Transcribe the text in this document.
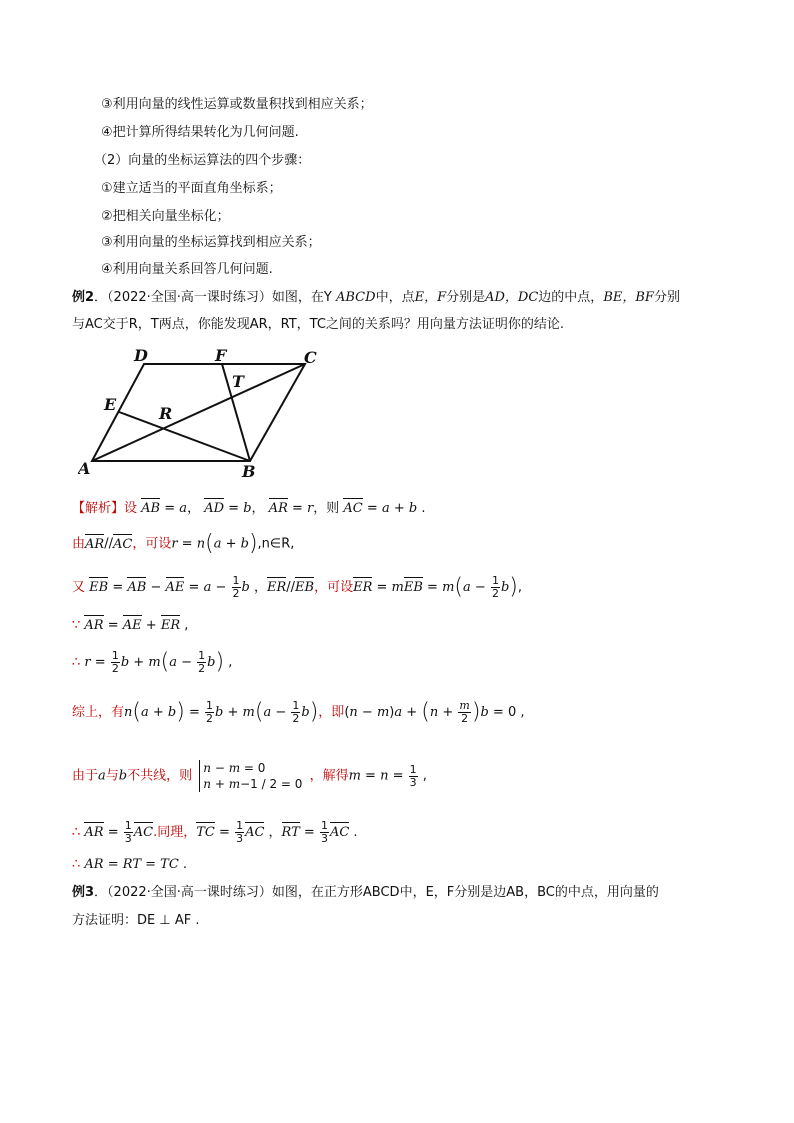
③利用向量的线性运算或数量积找到相应关系；
④把计算所得结果转化为几何问题.
（2）向量的坐标运算法的四个步骤：
①建立适当的平面直角坐标系；
②把相关向量坐标化；
③利用向量的坐标运算找到相应关系；
④利用向量关系回答几何问题.
例2．（2022·全国·高一课时练习）如图，在Y ABCD中，点E，F分别是AD，DC边的中点，BE，BF分别
与AC交于R，T两点，你能发现AR，RT，TC之间的关系吗？用向量方法证明你的结论.
A	B
C
D
E
F
R
T
【解析】设 AB = a， AD = b， AR = r，则 AC = a + b .
由AR//AC，可设r = n(a + b),n∈R,
又 EB = AB − AE = $a - \frac{1}{2}$ b ，ER//EB，可设ER = mEB = $m(a - \frac{1}{2} b)$,
∵ AR = AE + ER ,
∴ $r = \frac{1}{2}$ $b + m(a - \frac{1}{2} b)$ ,
综上，有$n(a + b) = \frac{1}{2}$ $b + m(a - \frac{1}{2} b)$，即$(n - m)a + (n + \frac{m}{2} )b = 0$ ,
由于a与b不共线，则
n − m = 0
n + m−1 / 2 = 0
，解得$m = n = \frac{1}{3}$ ,
∴ AR = $\frac{1}{3}$ AC.同理，TC = $\frac{1}{3}$ AC ，RT = $\frac{1}{3}$ AC .
∴ AR = RT = TC .
例3．（2022·全国·高一课时练习）如图，在正方形ABCD中，E，F分别是边AB，BC的中点，用向量的
方法证明：DE ⊥ AF .
